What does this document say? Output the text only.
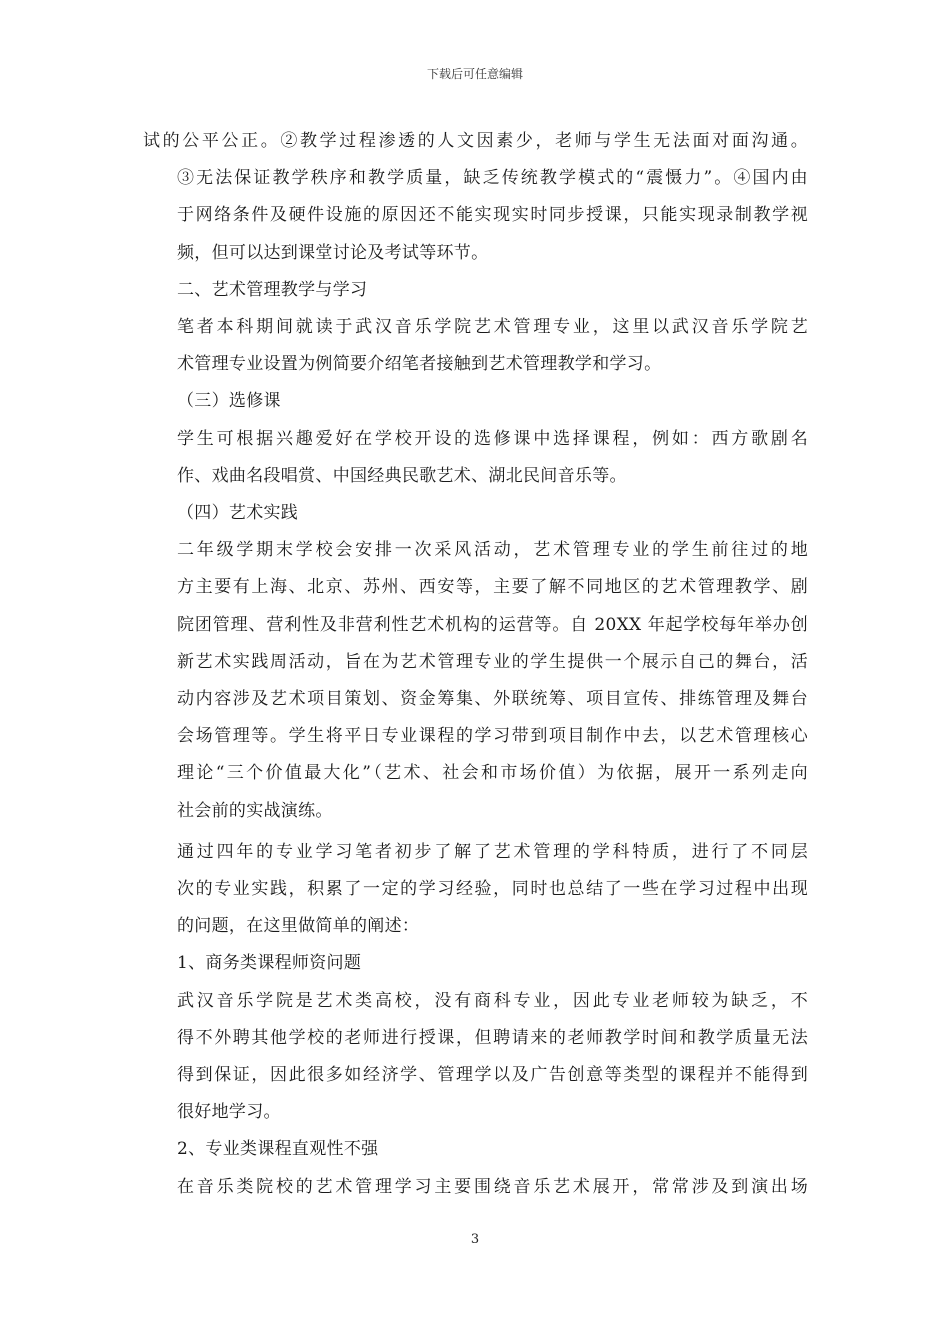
下载后可任意编辑
试的公平公正。②教学过程渗透的人文因素少，老师与学生无法面对面沟通。
③无法保证教学秩序和教学质量，缺乏传统教学模式的“震慑力”。④国内由
于网络条件及硬件设施的原因还不能实现实时同步授课，只能实现录制教学视
频，但可以达到课堂讨论及考试等环节。

二、艺术管理教学与学习

笔者本科期间就读于武汉音乐学院艺术管理专业，这里以武汉音乐学院艺
术管理专业设置为例简要介绍笔者接触到艺术管理教学和学习。

（三）选修课

学生可根据兴趣爱好在学校开设的选修课中选择课程，例如：西方歌剧名
作、戏曲名段唱赏、中国经典民歌艺术、湖北民间音乐等。

（四）艺术实践

二年级学期末学校会安排一次采风活动，艺术管理专业的学生前往过的地
方主要有上海、北京、苏州、西安等，主要了解不同地区的艺术管理教学、剧
院团管理、营利性及非营利性艺术机构的运营等。自 20XX 年起学校每年举办创
新艺术实践周活动，旨在为艺术管理专业的学生提供一个展示自己的舞台，活
动内容涉及艺术项目策划、资金筹集、外联统筹、项目宣传、排练管理及舞台
会场管理等。学生将平日专业课程的学习带到项目制作中去，以艺术管理核心
理论“三个价值最大化”（艺术、社会和市场价值）为依据，展开一系列走向
社会前的实战演练。
通过四年的专业学习笔者初步了解了艺术管理的学科特质，进行了不同层
次的专业实践，积累了一定的学习经验，同时也总结了一些在学习过程中出现
的问题，在这里做简单的阐述：

1、商务类课程师资问题

武汉音乐学院是艺术类高校，没有商科专业，因此专业老师较为缺乏，不
得不外聘其他学校的老师进行授课，但聘请来的老师教学时间和教学质量无法
得到保证，因此很多如经济学、管理学以及广告创意等类型的课程并不能得到
很好地学习。

2、专业类课程直观性不强

在音乐类院校的艺术管理学习主要围绕音乐艺术展开，常常涉及到演出场
3
